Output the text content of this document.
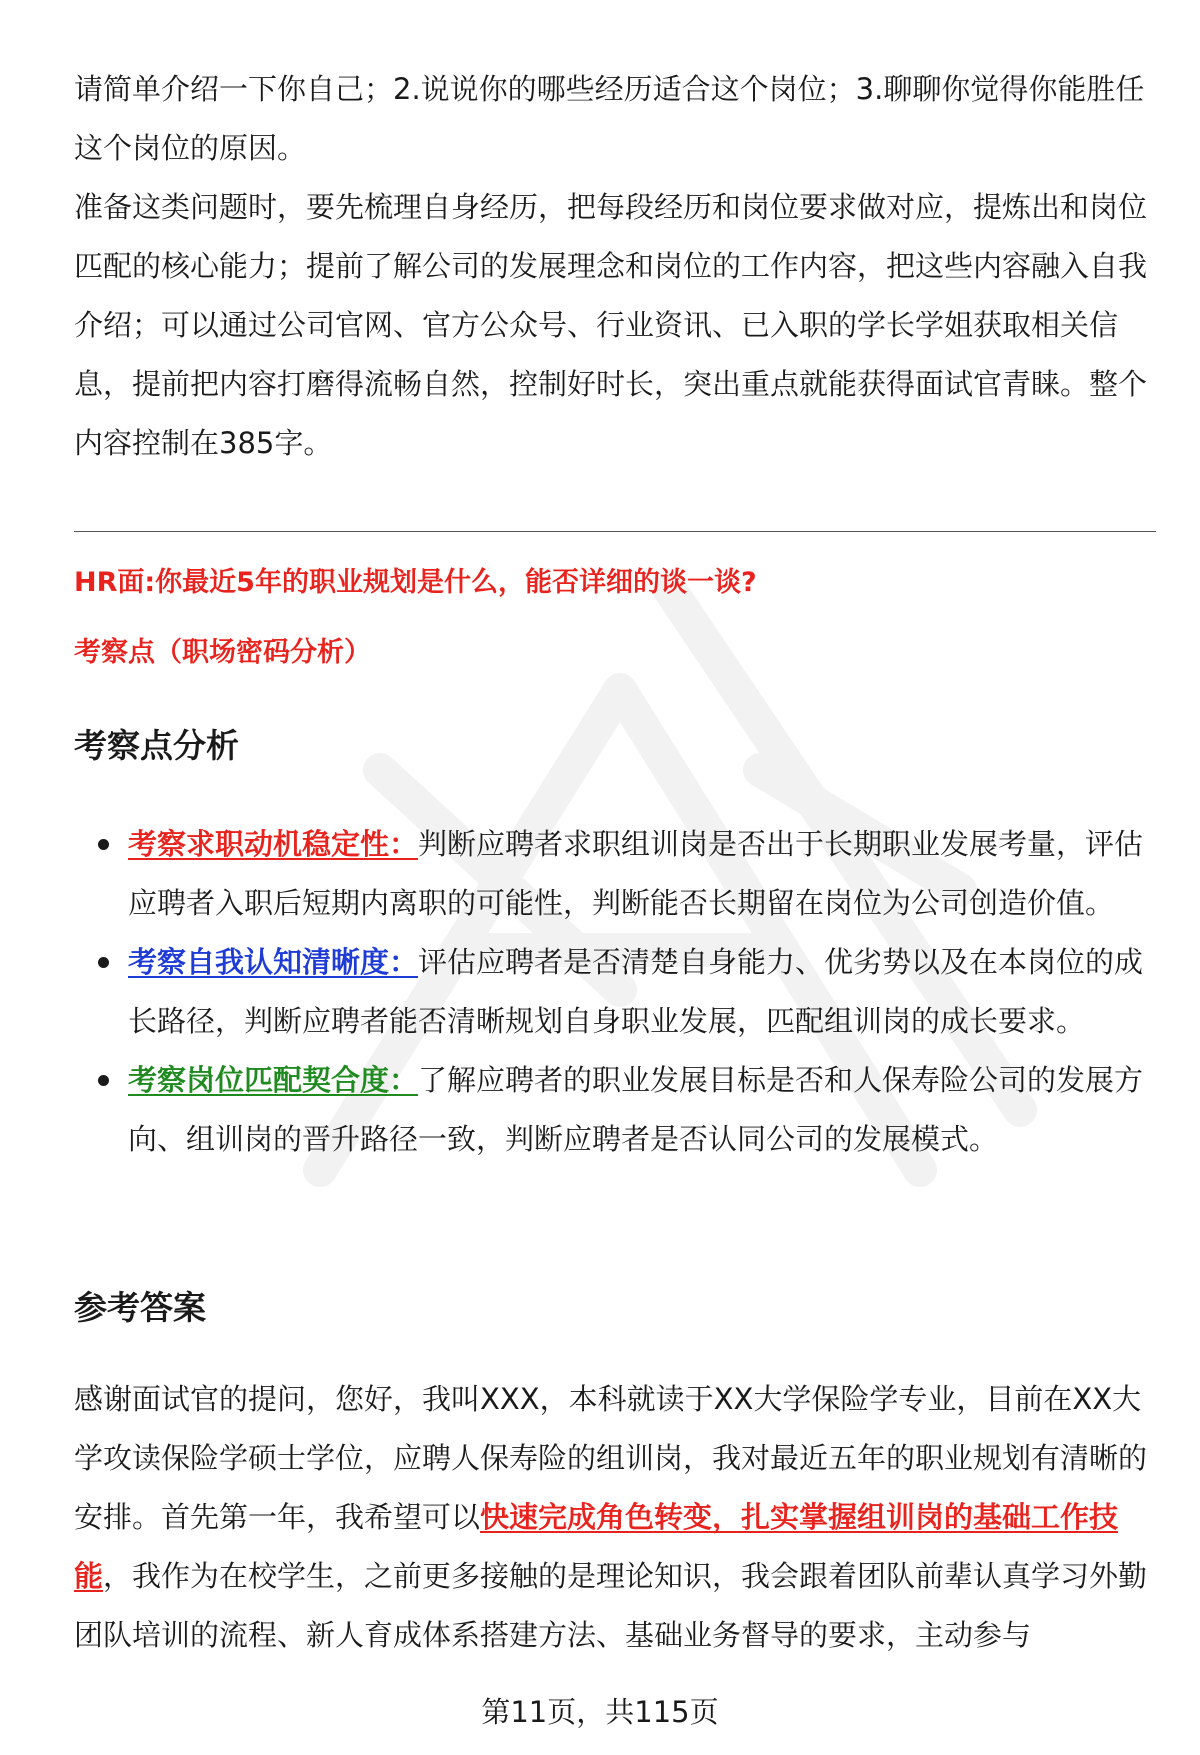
请简单介绍一下你自己；2.说说你的哪些经历适合这个岗位；3.聊聊你觉得你能胜任这个岗位的原因。

准备这类问题时，要先梳理自身经历，把每段经历和岗位要求做对应，提炼出和岗位匹配的核心能力；提前了解公司的发展理念和岗位的工作内容，把这些内容融入自我介绍；可以通过公司官网、官方公众号、行业资讯、已入职的学长学姐获取相关信息，提前把内容打磨得流畅自然，控制好时长，突出重点就能获得面试官青睐。整个内容控制在385字。

HR面:你最近5年的职业规划是什么，能否详细的谈一谈?
考察点（职场密码分析）
考察点分析
考察求职动机稳定性：判断应聘者求职组训岗是否出于长期职业发展考量，评估应聘者入职后短期内离职的可能性，判断能否长期留在岗位为公司创造价值。
考察自我认知清晰度：评估应聘者是否清楚自身能力、优劣势以及在本岗位的成长路径，判断应聘者能否清晰规划自身职业发展，匹配组训岗的成长要求。
考察岗位匹配契合度：了解应聘者的职业发展目标是否和人保寿险公司的发展方向、组训岗的晋升路径一致，判断应聘者是否认同公司的发展模式。
参考答案

感谢面试官的提问，您好，我叫XXX，本科就读于XX大学保险学专业，目前在XX大学攻读保险学硕士学位，应聘人保寿险的组训岗，我对最近五年的职业规划有清晰的安排。首先第一年，我希望可以快速完成角色转变，扎实掌握组训岗的基础工作技能，我作为在校学生，之前更多接触的是理论知识，我会跟着团队前辈认真学习外勤团队培训的流程、新人育成体系搭建方法、基础业务督导的要求，主动参与

第11页，共115页
